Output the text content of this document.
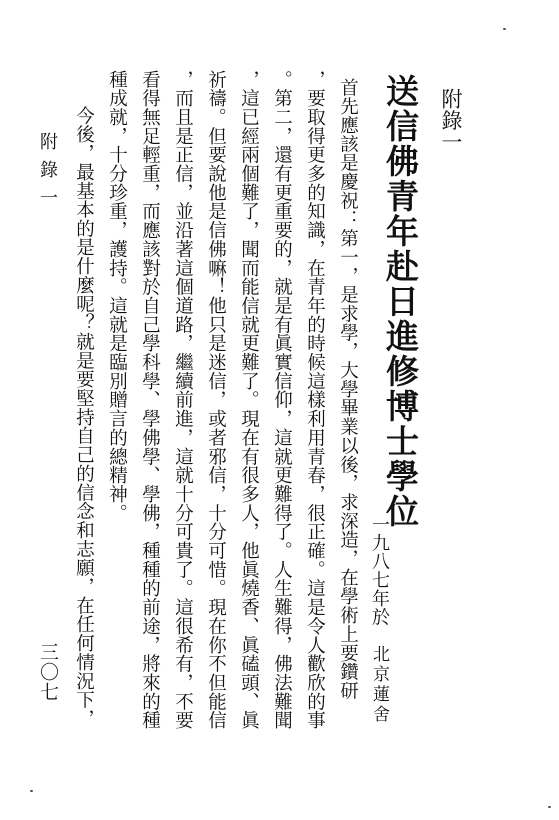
附錄一
送信佛青年赴日進修博士學位
一九八七年於
北京蓮舍
首先應該是慶祝：第一，是求學，大學畢業以後，求深造，在學術上要鑽研
，要取得更多的知識，在青年的時候這樣利用青春，很正確。這是令人歡欣的事
。第二，還有更重要的，就是有眞實信仰，這就更難得了。人生難得，佛法難聞
，這已經兩個難了，聞而能信就更難了。現在有很多人，他眞燒香、眞磕頭、眞
祈禱。但要說他是信佛嘛！他只是迷信，或者邪信，十分可惜。現在你不但能信
，而且是正信，並沿著這個道路，繼續前進，這就十分可貴了。這很希有，不要
看得無足輕重，而應該對於自己學科學、學佛學、學佛，種種的前途，將來的種
種成就，十分珍重，護持。這就是臨別贈言的總精神。
今後，最基本的是什麼呢？就是要堅持自己的信念和志願，在任何情況下，
附錄一
三〇七
